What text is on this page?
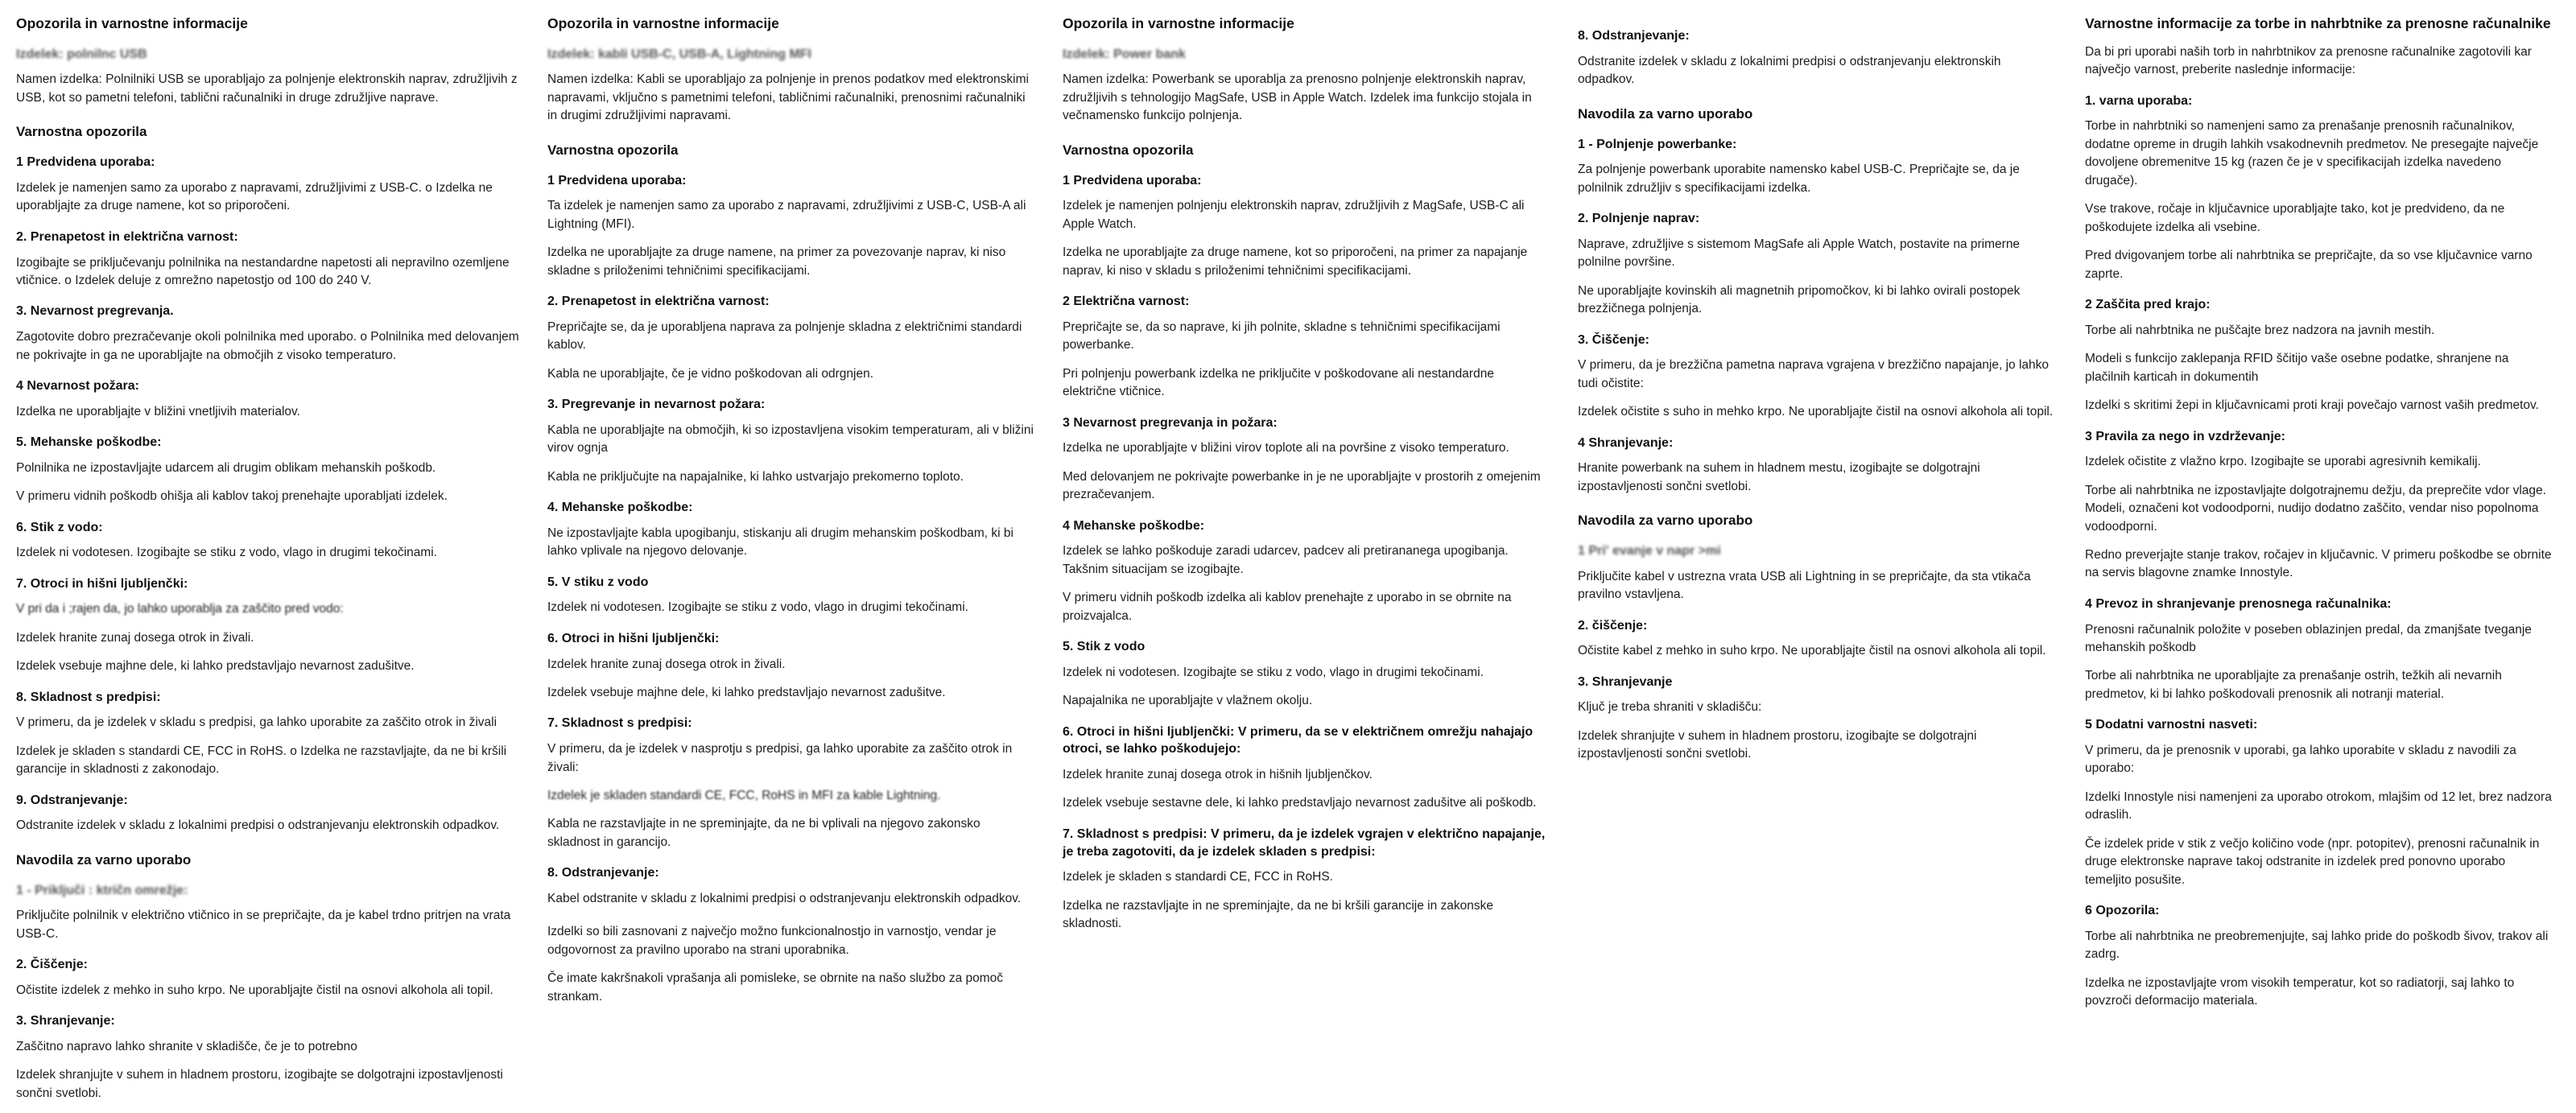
Opozorila in varnostne informacije
Izdelek: polnilnc USB

Namen izdelka: Polnilniki USB se uporabljajo za polnjenje elektronskih naprav, združljivih z USB, kot so pametni telefoni, tablični računalniki in druge združljive naprave.

Varnostna opozorila
1 Predvidena uporaba:

Izdelek je namenjen samo za uporabo z napravami, združljivimi z USB-C. o Izdelka ne uporabljajte za druge namene, kot so priporočeni.

2. Prenapetost in električna varnost:

Izogibajte se priključevanju polnilnika na nestandardne napetosti ali nepravilno ozemljene vtičnice. o Izdelek deluje z omrežno napetostjo od 100 do 240 V.

3. Nevarnost pregrevanja.

Zagotovite dobro prezračevanje okoli polnilnika med uporabo. o Polnilnika med delovanjem ne pokrivajte in ga ne uporabljajte na območjih z visoko temperaturo.

4 Nevarnost požara:

Izdelka ne uporabljajte v bližini vnetljivih materialov.

5. Mehanske poškodbe:

Polnilnika ne izpostavljajte udarcem ali drugim oblikam mehanskih poškodb.

V primeru vidnih poškodb ohišja ali kablov takoj prenehajte uporabljati izdelek.

6. Stik z vodo:

Izdelek ni vodotesen. Izogibajte se stiku z vodo, vlago in drugimi tekočinami.

7. Otroci in hišni ljubljenčki:

V pri da i ;rajen da, jo lahko uporablja za zaščito pred vodo:

Izdelek hranite zunaj dosega otrok in živali.

Izdelek vsebuje majhne dele, ki lahko predstavljajo nevarnost zadušitve.

8. Skladnost s predpisi:

V primeru, da je izdelek v skladu s predpisi, ga lahko uporabite za zaščito otrok in živali

Izdelek je skladen s standardi CE, FCC in RoHS. o Izdelka ne razstavljajte, da ne bi kršili garancije in skladnosti z zakonodajo.

9. Odstranjevanje:

Odstranite izdelek v skladu z lokalnimi predpisi o odstranjevanju elektronskih odpadkov.

Navodila za varno uporabo
1 - Priključi : ktričn omrežje:

Priključite polnilnik v električno vtičnico in se prepričajte, da je kabel trdno pritrjen na vrata USB-C.

2. Čiščenje:

Očistite izdelek z mehko in suho krpo. Ne uporabljajte čistil na osnovi alkohola ali topil.

3. Shranjevanje:

Zaščitno napravo lahko shranite v skladišče, če je to potrebno

Izdelek shranjujte v suhem in hladnem prostoru, izogibajte se dolgotrajni izpostavljenosti sončni svetlobi.

Opozorila in varnostne informacije
Izdelek: kabli USB-C, USB-A, Lightning MFI

Namen izdelka: Kabli se uporabljajo za polnjenje in prenos podatkov med elektronskimi napravami, vključno s pametnimi telefoni, tabličnimi računalniki, prenosnimi računalniki in drugimi združljivimi napravami.

Varnostna opozorila
1 Predvidena uporaba:

Ta izdelek je namenjen samo za uporabo z napravami, združljivimi z USB-C, USB-A ali Lightning (MFI).

Izdelka ne uporabljajte za druge namene, na primer za povezovanje naprav, ki niso skladne s priloženimi tehničnimi specifikacijami.

2. Prenapetost in električna varnost:

Prepričajte se, da je uporabljena naprava za polnjenje skladna z električnimi standardi kablov.

Kabla ne uporabljajte, če je vidno poškodovan ali odrgnjen.

3. Pregrevanje in nevarnost požara:

Kabla ne uporabljajte na območjih, ki so izpostavljena visokim temperaturam, ali v bližini virov ognja

Kabla ne priključujte na napajalnike, ki lahko ustvarjajo prekomerno toploto.

4. Mehanske poškodbe:

Ne izpostavljajte kabla upogibanju, stiskanju ali drugim mehanskim poškodbam, ki bi lahko vplivale na njegovo delovanje.

5. V stiku z vodo

Izdelek ni vodotesen. Izogibajte se stiku z vodo, vlago in drugimi tekočinami.

6. Otroci in hišni ljubljenčki:

Izdelek hranite zunaj dosega otrok in živali.

Izdelek vsebuje majhne dele, ki lahko predstavljajo nevarnost zadušitve.

7. Skladnost s predpisi:

V primeru, da je izdelek v nasprotju s predpisi, ga lahko uporabite za zaščito otrok in živali:

Izdelek je skladen standardi CE, FCC, RoHS in MFI za kable Lightning.

Kabla ne razstavljajte in ne spreminjajte, da ne bi vplivali na njegovo zakonsko skladnost in garancijo.

8. Odstranjevanje:

Kabel odstranite v skladu z lokalnimi predpisi o odstranjevanju elektronskih odpadkov.

Izdelki so bili zasnovani z največjo možno funkcionalnostjo in varnostjo, vendar je odgovornost za pravilno uporabo na strani uporabnika.

Če imate kakršnakoli vprašanja ali pomislekе, se obrnite na našo službo za pomoč strankam.

Opozorila in varnostne informacije
Izdelek: Power bank

Namen izdelka: Powerbank se uporablja za prenosno polnjenje elektronskih naprav, združljivih s tehnologijo MagSafe, USB in Apple Watch. Izdelek ima funkcijo stojala in večnamensko funkcijo polnjenja.

Varnostna opozorila
1 Predvidena uporaba:

Izdelek je namenjen polnjenju elektronskih naprav, združljivih z MagSafe, USB-C ali Apple Watch.

Izdelka ne uporabljajte za druge namene, kot so priporočeni, na primer za napajanje naprav, ki niso v skladu s priloženimi tehničnimi specifikacijami.

2 Električna varnost:

Prepričajte se, da so naprave, ki jih polnite, skladne s tehničnimi specifikacijami powerbanke.

Pri polnjenju powerbank izdelka ne priključite v poškodovane ali nestandardne električne vtičnice.

3 Nevarnost pregrevanja in požara:

Izdelka ne uporabljajte v bližini virov toplote ali na površine z visoko temperaturo.

Med delovanjem ne pokrivajte powerbanke in je ne uporabljajte v prostorih z omejenim prezračevanjem.

4 Mehanske poškodbe:

Izdelek se lahko poškoduje zaradi udarcev, padcev ali pretirananega upogibanja. Takšnim situacijam se izogibajte.

V primeru vidnih poškodb izdelka ali kablov prenehajte z uporabo in se obrnite na proizvajalca.

5. Stik z vodo

Izdelek ni vodotesen. Izogibajte se stiku z vodo, vlago in drugimi tekočinami.

Napajalnika ne uporabljajte v vlažnem okolju.

6. Otroci in hišni ljubljenčki: V primeru, da se v električnem omrežju nahajajo otroci, se lahko poškodujejo:

Izdelek hranite zunaj dosega otrok in hišnih ljubljenčkov.

Izdelek vsebuje sestavne dele, ki lahko predstavljajo nevarnost zadušitve ali poškodb.

7. Skladnost s predpisi: V primeru, da je izdelek vgrajen v električno napajanje, je treba zagotoviti, da je izdelek skladen s predpisi:

Izdelek je skladen s standardi CE, FCC in RoHS.

Izdelka ne razstavljajte in ne spreminjajte, da ne bi kršili garancije in zakonske skladnosti.

8. Odstranjevanje:

Odstranite izdelek v skladu z lokalnimi predpisi o odstranjevanju elektronskih odpadkov.

Navodila za varno uporabo
1 - Polnjenje powerbanke:

Za polnjenje powerbank uporabite namensko kabel USB-C. Prepričajte se, da je polnilnik združljiv s specifikacijami izdelka.

2. Polnjenje naprav:

Naprave, združljive s sistemom MagSafe ali Apple Watch, postavite na primerne polnilne površine.

Ne uporabljajte kovinskih ali magnetnih pripomočkov, ki bi lahko ovirali postopek brezžičnega polnjenja.

3. Čiščenje:

V primeru, da je brezžična pametna naprava vgrajena v brezžično napajanje, jo lahko tudi očistite:

Izdelek očistite s suho in mehko krpo. Ne uporabljajte čistil na osnovi alkohola ali topil.

4 Shranjevanje:

Hranite powerbank na suhem in hladnem mestu, izogibajte se dolgotrajni izpostavljenosti sončni svetlobi.

Navodila za varno uporabo
1 Pri' evanje v napr >mi

Priključite kabel v ustrezna vrata USB ali Lightning in se prepričajte, da sta vtikača pravilno vstavljena.

2. čiščenje:

Očistite kabel z mehko in suho krpo. Ne uporabljajte čistil na osnovi alkohola ali topil.

3. Shranjevanje

Ključ je treba shraniti v skladišču:

Izdelek shranjujte v suhem in hladnem prostoru, izogibajte se dolgotrajni izpostavljenosti sončni svetlobi.

Varnostne informacije za torbe in nahrbtnike za prenosne računalnike

Da bi pri uporabi naših torb in nahrbtnikov za prenosne računalnike zagotovili kar največjo varnost, preberite naslednje informacije:

1. varna uporaba:

Torbe in nahrbtniki so namenjeni samo za prenašanje prenosnih računalnikov, dodatne opreme in drugih lahkih vsakodnevnih predmetov. Ne presegajte največje dovoljene obremenitve 15 kg (razen če je v specifikacijah izdelka navedeno drugače).

Vse trakove, ročaje in ključavnice uporabljajte tako, kot je predvideno, da ne poškodujete izdelka ali vsebine.

Pred dvigovanjem torbe ali nahrbtnika se prepričajte, da so vse ključavnice varno zaprte.

2 Zaščita pred krajo:

Torbe ali nahrbtnika ne puščajte brez nadzora na javnih mestih.

Modeli s funkcijo zaklepanja RFID ščitijo vaše osebne podatke, shranjene na plačilnih karticah in dokumentih

Izdelki s skritimi žepi in ključavnicami proti kraji povečajo varnost vaših predmetov.

3 Pravila za nego in vzdrževanje:

Izdelek očistite z vlažno krpo. Izogibajte se uporabi agresivnih kemikalij.

Torbe ali nahrbtnika ne izpostavljajte dolgotrajnemu dežju, da preprečite vdor vlage. Modeli, označeni kot vodoodporni, nudijo dodatno zaščito, vendar niso popolnoma vodoodporni.

Redno preverjajte stanje trakov, ročajev in ključavnic. V primeru poškodbe se obrnite na servis blagovne znamke Innostyle.

4 Prevoz in shranjevanje prenosnega računalnika:

Prenosni računalnik položite v poseben oblazinjen predal, da zmanjšate tveganje mehanskih poškodb

Torbe ali nahrbtnika ne uporabljajte za prenašanje ostrih, težkih ali nevarnih predmetov, ki bi lahko poškodovali prenosnik ali notranji material.

5 Dodatni varnostni nasveti:

V primeru, da je prenosnik v uporabi, ga lahko uporabite v skladu z navodili za uporabo:

Izdelki Innostyle nisi namenjeni za uporabo otrokom, mlajšim od 12 let, brez nadzora odraslih.

Če izdelek pride v stik z večjo količino vode (npr. potopitev), prenosni računalnik in druge elektronske naprave takoj odstranite in izdelek pred ponovno uporabo temeljito posušite.

6 Opozorila:

Torbe ali nahrbtnika ne preobremenjujte, saj lahko pride do poškodb šivov, trakov ali zadrg.

Izdelka ne izpostavljajte vrom visokih temperatur, kot so radiatorji, saj lahko to povzroči deformacijo materiala.
